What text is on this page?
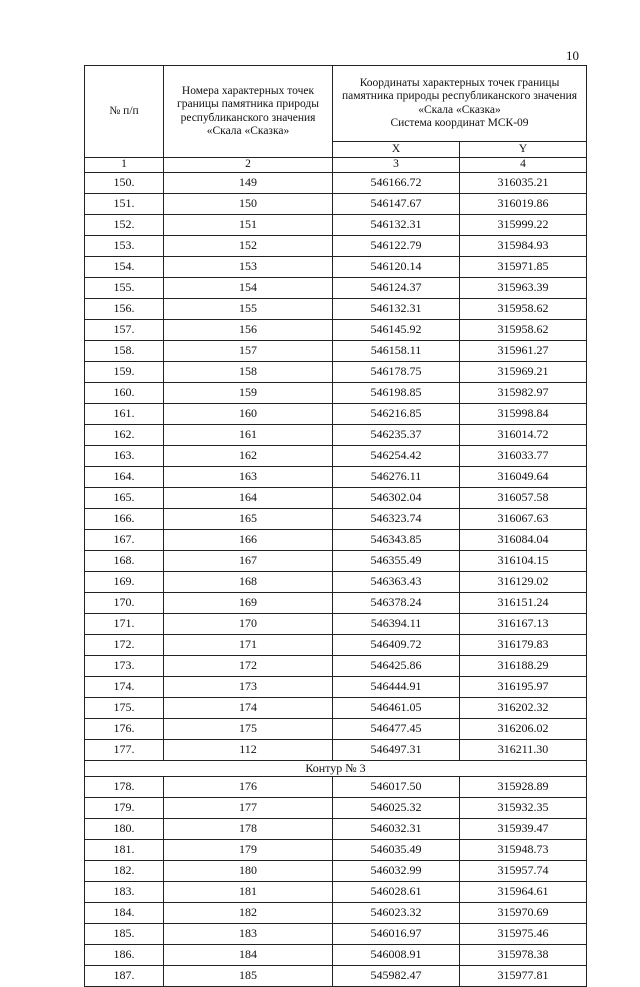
10
№ п/п	Номера характерных точек границы памятника природы республиканского значения «Скала «Сказка»	Координаты характерных точек границы памятника природы республиканского значения «Скала «Сказка»
Система координат МСК-09	

		X	Y
1	2	3	4
150.	149	546166.72	316035.21
151.	150	546147.67	316019.86
152.	151	546132.31	315999.22
153.	152	546122.79	315984.93
154.	153	546120.14	315971.85
155.	154	546124.37	315963.39
156.	155	546132.31	315958.62
157.	156	546145.92	315958.62
158.	157	546158.11	315961.27
159.	158	546178.75	315969.21
160.	159	546198.85	315982.97
161.	160	546216.85	315998.84
162.	161	546235.37	316014.72
163.	162	546254.42	316033.77
164.	163	546276.11	316049.64
165.	164	546302.04	316057.58
166.	165	546323.74	316067.63
167.	166	546343.85	316084.04
168.	167	546355.49	316104.15
169.	168	546363.43	316129.02
170.	169	546378.24	316151.24
171.	170	546394.11	316167.13
172.	171	546409.72	316179.83
173.	172	546425.86	316188.29
174.	173	546444.91	316195.97
175.	174	546461.05	316202.32
176.	175	546477.45	316206.02
177.	112	546497.31	316211.30
Контур № 3			
178.	176	546017.50	315928.89
179.	177	546025.32	315932.35
180.	178	546032.31	315939.47
181.	179	546035.49	315948.73
182.	180	546032.99	315957.74
183.	181	546028.61	315964.61
184.	182	546023.32	315970.69
185.	183	546016.97	315975.46
186.	184	546008.91	315978.38
187.	185	545982.47	315977.81
